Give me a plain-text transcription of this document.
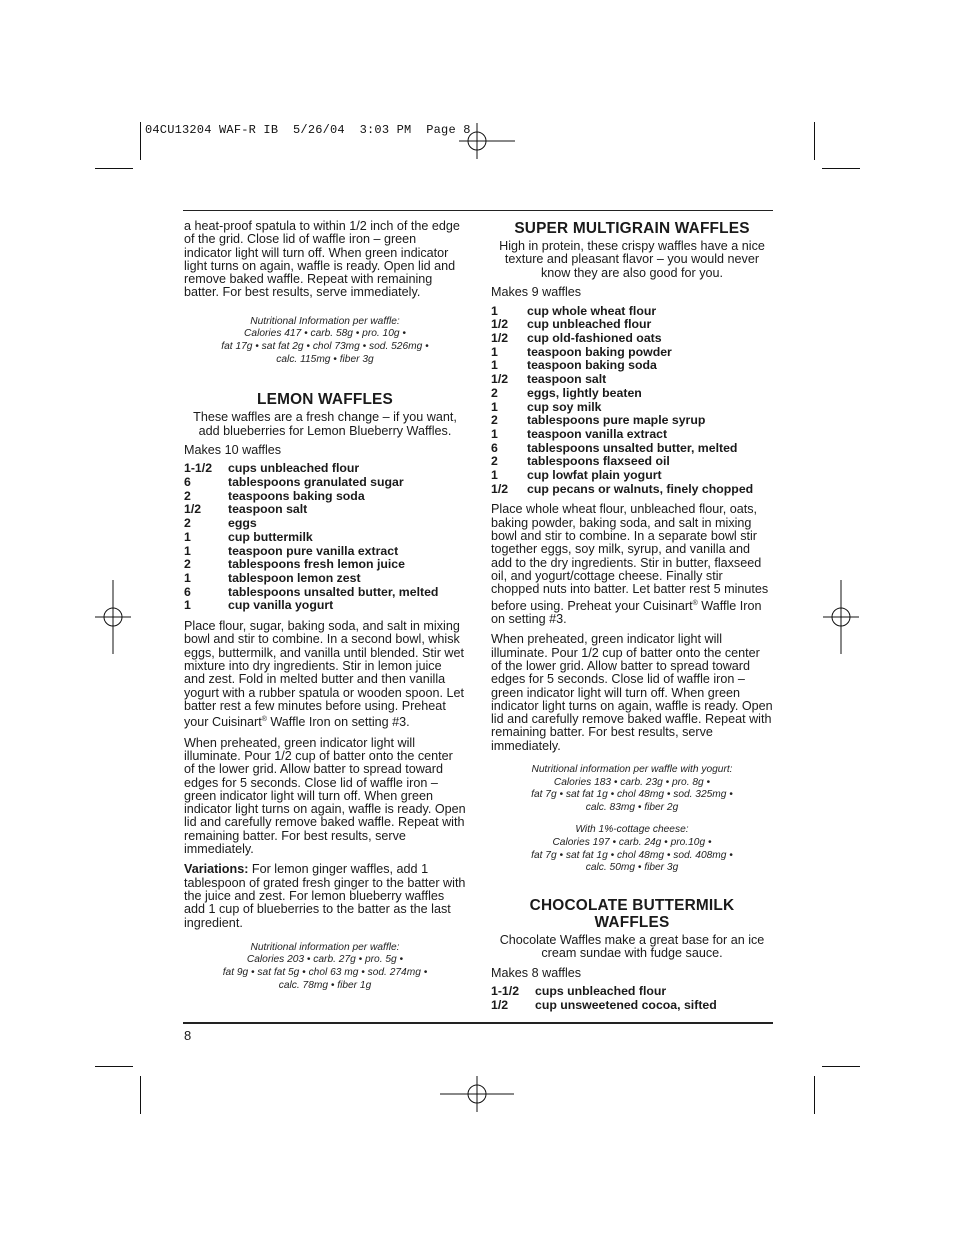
04CU13204 WAF-R IB  5/26/04  3:03 PM  Page 8

a heat-proof spatula to within 1/2 inch of the edge of the grid. Close lid of waffle iron – green indicator light will turn off. When green indicator light turns on again, waffle is ready. Open lid and remove baked waffle. Repeat with remaining batter. For best results, serve immediately.

Nutritional Information per waffle:

Calories 417 • carb. 58g • pro. 10g •

fat 17g • sat fat 2g • chol 73mg • sod. 526mg •

calc. 115mg • fiber 3g

LEMON WAFFLES

These waffles are a fresh change – if you want, add blueberries for Lemon Blueberry Waffles.

Makes 10 waffles

1-1/2	cups unbleached flour
6	tablespoons granulated sugar
2	teaspoons baking soda
1/2	teaspoon salt
2	eggs
1	cup buttermilk
1	teaspoon pure vanilla extract
2	tablespoons fresh lemon juice
1	tablespoon lemon zest
6	tablespoons unsalted butter, melted
1	cup vanilla yogurt

Place flour, sugar, baking soda, and salt in mixing bowl and stir to combine. In a second bowl, whisk eggs, buttermilk, and vanilla until blended. Stir wet mixture into dry ingredients. Stir in lemon juice and zest. Fold in melted butter and then vanilla yogurt with a rubber spatula or wooden spoon. Let batter rest a few minutes before using. Preheat your Cuisinart® Waffle Iron on setting #3.

When preheated, green indicator light will illuminate. Pour 1/2 cup of batter onto the center of the lower grid. Allow batter to spread toward edges for 5 seconds. Close lid of waffle iron – green indicator light will turn off. When green indicator light turns on again, waffle is ready. Open lid and carefully remove baked waffle. Repeat with remaining batter. For best results, serve immediately.

Variations: For lemon ginger waffles, add 1 tablespoon of grated fresh ginger to the batter with the juice and zest. For lemon blueberry waffles add 1 cup of blueberries to the batter as the last ingredient.

Nutritional information per waffle:

Calories 203 • carb. 27g • pro. 5g •

fat 9g • sat fat 5g • chol 63 mg • sod. 274mg •

calc. 78mg • fiber 1g

SUPER MULTIGRAIN WAFFLES

High in protein, these crispy waffles have a nice texture and pleasant flavor – you would never know they are also good for you.

Makes 9 waffles

1	cup whole wheat flour
1/2	cup unbleached flour
1/2	cup old-fashioned oats
1	teaspoon baking powder
1	teaspoon baking soda
1/2	teaspoon salt
2	eggs, lightly beaten
1	cup soy milk
2	tablespoons pure maple syrup
1	teaspoon vanilla extract
6	tablespoons unsalted butter, melted
2	tablespoons flaxseed oil
1	cup lowfat plain yogurt
1/2	cup pecans or walnuts, finely chopped

Place whole wheat flour, unbleached flour, oats, baking powder, baking soda, and salt in mixing bowl and stir to combine. In a separate bowl stir together eggs, soy milk, syrup, and vanilla and add to the dry ingredients. Stir in butter, flaxseed oil, and yogurt/cottage cheese. Finally stir chopped nuts into batter. Let batter rest 5 minutes before using. Preheat your Cuisinart® Waffle Iron on setting #3.

When preheated, green indicator light will illuminate. Pour 1/2 cup of batter onto the center of the lower grid. Allow batter to spread toward edges for 5 seconds. Close lid of waffle iron – green indicator light will turn off. When green indicator light turns on again, waffle is ready. Open lid and carefully remove baked waffle. Repeat with remaining batter. For best results, serve immediately.

Nutritional information per waffle with yogurt:

Calories 183 • carb. 23g • pro. 8g •

fat 7g • sat fat 1g • chol 48mg • sod. 325mg •

calc. 83mg • fiber 2g

With 1%-cottage cheese:

Calories 197 • carb. 24g • pro.10g •

fat 7g • sat fat 1g • chol 48mg • sod. 408mg •

calc. 50mg • fiber 3g

CHOCOLATE BUTTERMILK
WAFFLES

Chocolate Waffles make a great base for an ice cream sundae with fudge sauce.

Makes 8 waffles

1-1/2	cups unbleached flour
1/2	cup unsweetened cocoa, sifted
8
